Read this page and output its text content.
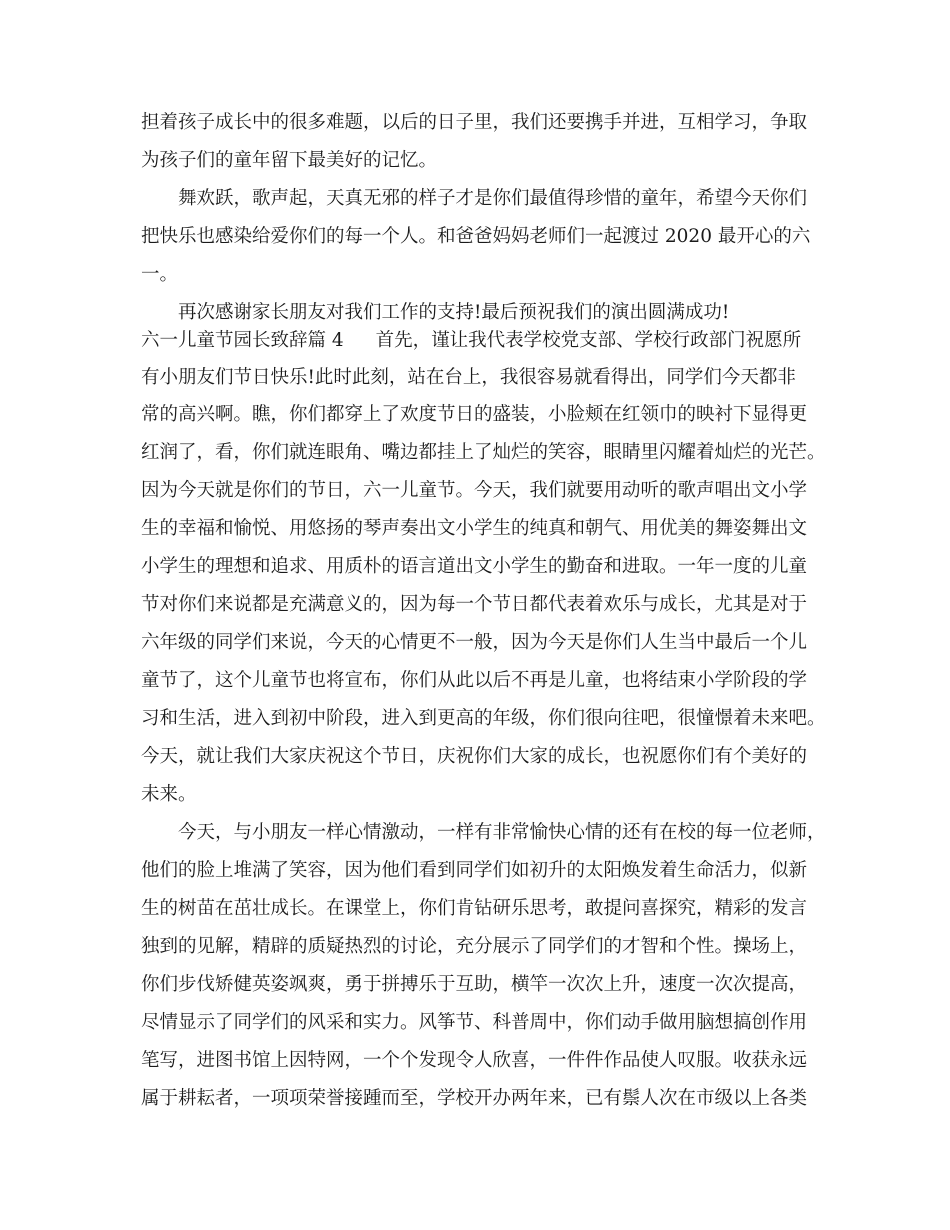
担着孩子成长中的很多难题，以后的日子里，我们还要携手并进，互相学习，争取
为孩子们的童年留下最美好的记忆。
舞欢跃，歌声起，天真无邪的样子才是你们最值得珍惜的童年，希望今天你们
把快乐也感染给爱你们的每一个人。和爸爸妈妈老师们一起渡过 2020 最开心的六
一。
再次感谢家长朋友对我们工作的支持!最后预祝我们的演出圆满成功!
六一儿童节园长致辞篇 4 首先，谨让我代表学校党支部、学校行政部门祝愿所
有小朋友们节日快乐!此时此刻，站在台上，我很容易就看得出，同学们今天都非
常的高兴啊。瞧，你们都穿上了欢度节日的盛装，小脸颊在红领巾的映衬下显得更
红润了，看，你们就连眼角、嘴边都挂上了灿烂的笑容，眼睛里闪耀着灿烂的光芒。
因为今天就是你们的节日，六一儿童节。今天，我们就要用动听的歌声唱出文小学
生的幸福和愉悦、用悠扬的琴声奏出文小学生的纯真和朝气、用优美的舞姿舞出文
小学生的理想和追求、用质朴的语言道出文小学生的勤奋和进取。一年一度的儿童
节对你们来说都是充满意义的，因为每一个节日都代表着欢乐与成长，尤其是对于
六年级的同学们来说，今天的心情更不一般，因为今天是你们人生当中最后一个儿
童节了，这个儿童节也将宣布，你们从此以后不再是儿童，也将结束小学阶段的学
习和生活，进入到初中阶段，进入到更高的年级，你们很向往吧，很憧憬着未来吧。
今天，就让我们大家庆祝这个节日，庆祝你们大家的成长，也祝愿你们有个美好的
未来。
今天，与小朋友一样心情激动，一样有非常愉快心情的还有在校的每一位老师，
他们的脸上堆满了笑容，因为他们看到同学们如初升的太阳焕发着生命活力，似新
生的树苗在茁壮成长。在课堂上，你们肯钻研乐思考，敢提问喜探究，精彩的发言
独到的见解，精辟的质疑热烈的讨论，充分展示了同学们的才智和个性。操场上，
你们步伐矫健英姿飒爽，勇于拼搏乐于互助，横竿一次次上升，速度一次次提高，
尽情显示了同学们的风采和实力。风筝节、科普周中，你们动手做用脑想搞创作用
笔写，进图书馆上因特网，一个个发现令人欣喜，一件件作品使人叹服。收获永远
属于耕耘者，一项项荣誉接踵而至，学校开办两年来，已有鬃人次在市级以上各类
